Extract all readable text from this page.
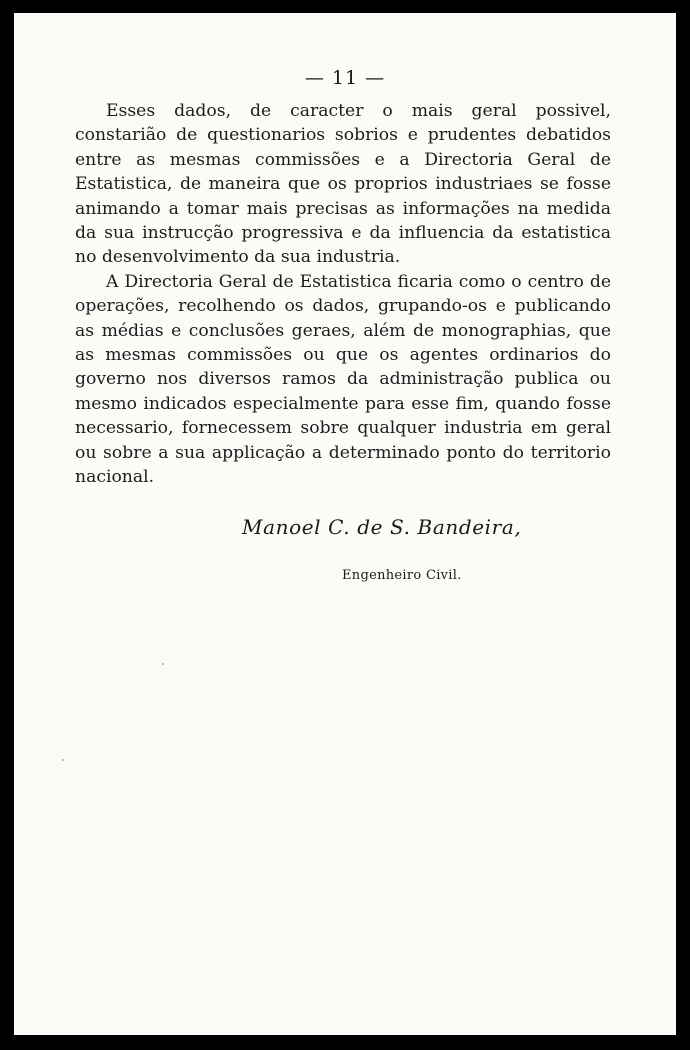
— 11 —

Esses dados, de caracter o mais geral possivel, constarião de questionarios sobrios e prudentes debatidos entre as mesmas commissões e a Directoria Geral de Estatistica, de maneira que os proprios industriaes se fosse animando a tomar mais precisas as informações na medida da sua instrucção progressiva e da influencia da estatistica no desenvolvimento da sua industria.

A Directoria Geral de Estatistica ficaria como o centro de operações, recolhendo os dados, grupando-os e publicando as médias e conclusões geraes, além de monographias, que as mesmas commissões ou que os agentes ordinarios do governo nos diversos ramos da administração publica ou mesmo indicados especialmente para esse fim, quando fosse necessario, fornecessem sobre qualquer industria em geral ou sobre a sua applicação a determinado ponto do territorio nacional.

Manoel C. de S. Bandeira,
Engenheiro Civil.
